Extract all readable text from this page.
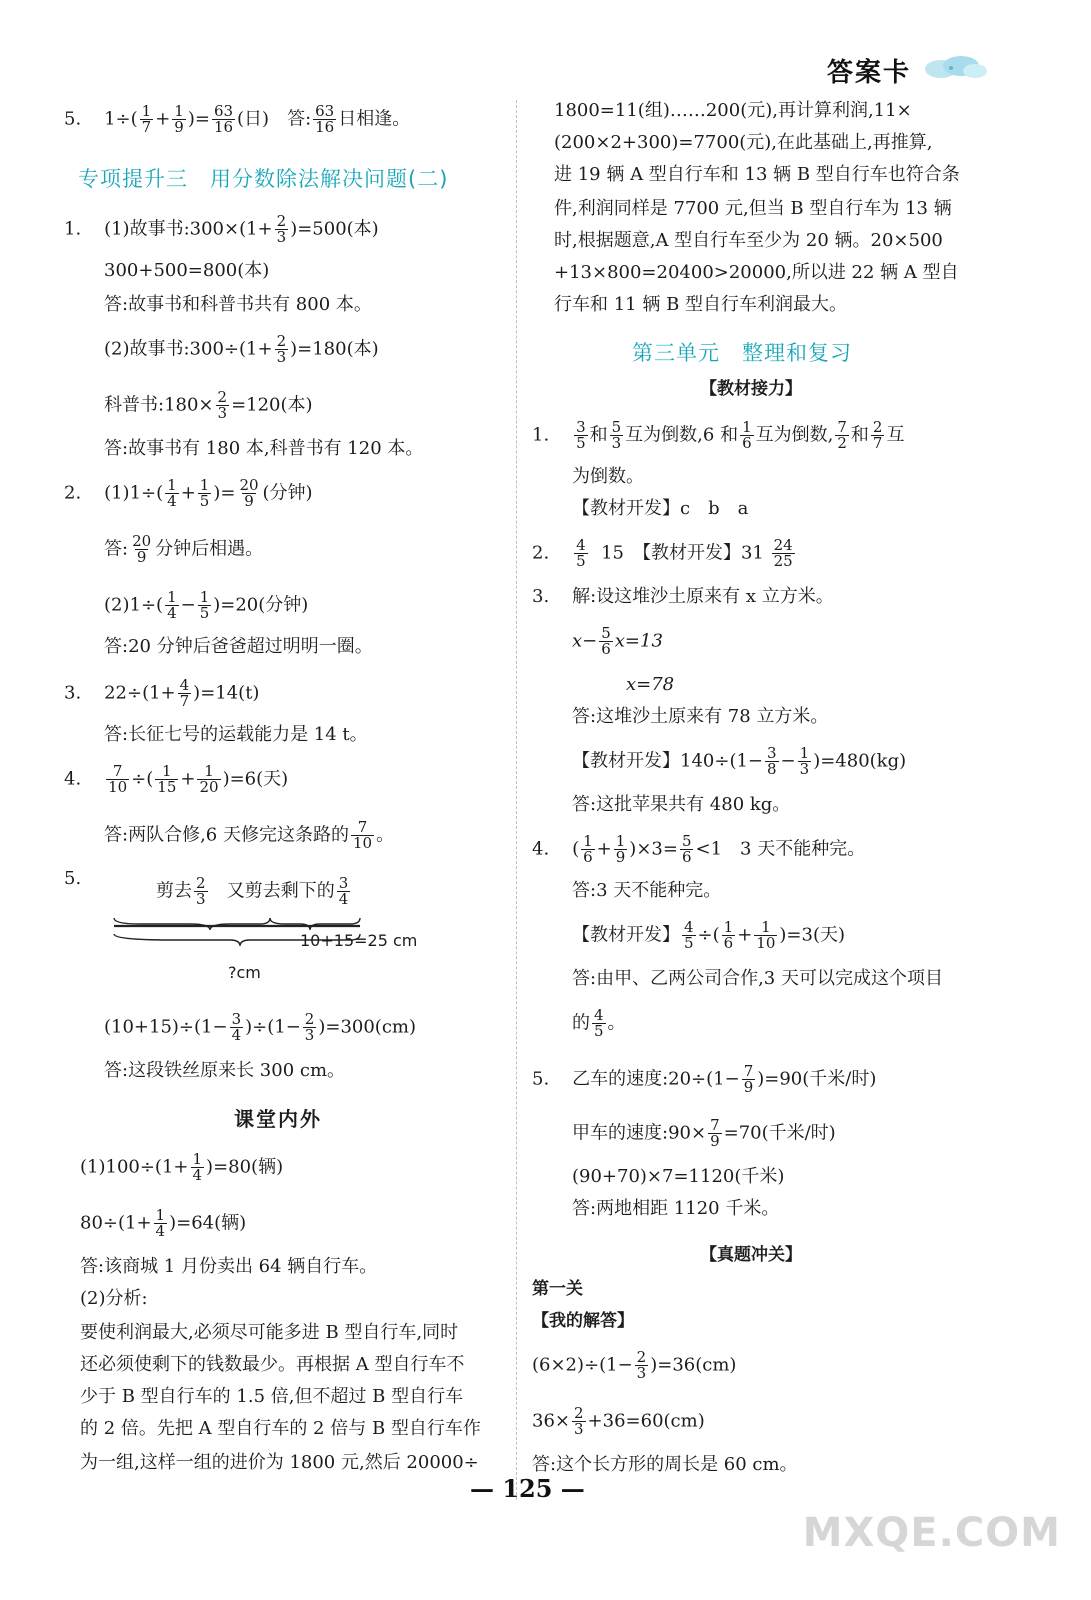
答案卡
5. $1\div( \frac{1}{7} + \frac{1}{9}$ )= $\frac{63}{16}$ (日)　答: $\frac{63}{16}$ 日相逢。
专项提升三　用分数除法解决问题(二)
1. (1)故事书:300×(1+ $\frac{2}{3} )=500$(本)
300+500=800(本)
答:故事书和科普书共有 800 本。
(2)故事书:300÷(1+ $\frac{2}{3} )=180$(本)
科普书:180× $\frac{2}{3} =120$(本)
答:故事书有 180 本,科普书有 120 本。
2. $(1)1\div( \frac{1}{4} + \frac{1}{5}$ )= $\frac{20}{9}$ (分钟)
答: $\frac{20}{9}$ 分钟后相遇。
$(2)1\div( \frac{1}{4} - \frac{1}{5} )=20$(分钟)
答:20 分钟后爸爸超过明明一圈。
3. $22\div(1+ \frac{4}{7} )=14(t)$
答:长征七号的运载能力是 14 t。
4. $\frac{7}{10}$ ÷( $\frac{1}{15} + \frac{1}{20} )=6$(天)
答:两队合修,6 天修完这条路的 $\frac{7}{10}$ 。
5.
剪去 $\frac{2}{3}$ 又剪去剩下的 $\frac{3}{4}$
10+15=25 cm
?cm
$(10+15)\div(1- \frac{3}{4} )\div(1- \frac{2}{3} )=300(cm)$
答:这段铁丝原来长 300 cm。
课堂内外
$(1)100\div(1+ \frac{1}{4} )=80$(辆)
$80\div(1+ \frac{1}{4} )=64$(辆)
答:该商城 1 月份卖出 64 辆自行车。
(2)分析:
要使利润最大,必须尽可能多进 B 型自行车,同时
还必须使剩下的钱数最少。再根据 A 型自行车不
少于 B 型自行车的 1.5 倍,但不超过 B 型自行车
的 2 倍。先把 A 型自行车的 2 倍与 B 型自行车作
为一组,这样一组的进价为 1800 元,然后 20000÷
1800=11(组)……200(元),再计算利润,11×
(200×2+300)=7700(元),在此基础上,再推算,
进 19 辆 A 型自行车和 13 辆 B 型自行车也符合条
件,利润同样是 7700 元,但当 B 型自行车为 13 辆
时,根据题意,A 型自行车至少为 20 辆。20×500
+13×800=20400>20000,所以进 22 辆 A 型自
行车和 11 辆 B 型自行车利润最大。
第三单元　整理和复习
【教材接力】
1. $\frac{3}{5}$ 和 $\frac{5}{3}$ 互为倒数,6 和 $\frac{1}{6}$ 互为倒数, $\frac{7}{2}$ 和 $\frac{2}{7}$ 互
为倒数。
【教材开发】c　b　a
2. $\frac{4}{5} 15$　【教材开发】$31 \frac{24}{25}$
3. 解:设这堆沙土原来有 x 立方米。
$x- \frac{5}{6} x=13$
x=78
答:这堆沙土原来有 78 立方米。
【教材开发】$140\div(1- \frac{3}{8} - \frac{1}{3} )=480(kg)$
答:这批苹果共有 480 kg。
4. ( $\frac{1}{6} + \frac{1}{9} )\times 3= \frac{5}{6} <1$　3 天不能种完。
答:3 天不能种完。
【教材开发】 $\frac{4}{5}$ ÷( $\frac{1}{6} + \frac{1}{10} )=3$(天)
答:由甲、乙两公司合作,3 天可以完成这个项目
的 $\frac{4}{5}$ 。
5. 乙车的速度:20÷(1− $\frac{7}{9} )=90$(千米/时)
甲车的速度:90× $\frac{7}{9} =70$(千米/时)
(90+70)×7=1120(千米)
答:两地相距 1120 千米。
【真题冲关】
第一关
【我的解答】
$(6\times 2)\div(1- \frac{2}{3} )=36(cm)$
$36\times \frac{2}{3} +36=60(cm)$
答:这个长方形的周长是 60 cm。
— 125 —
MXQE.COM
